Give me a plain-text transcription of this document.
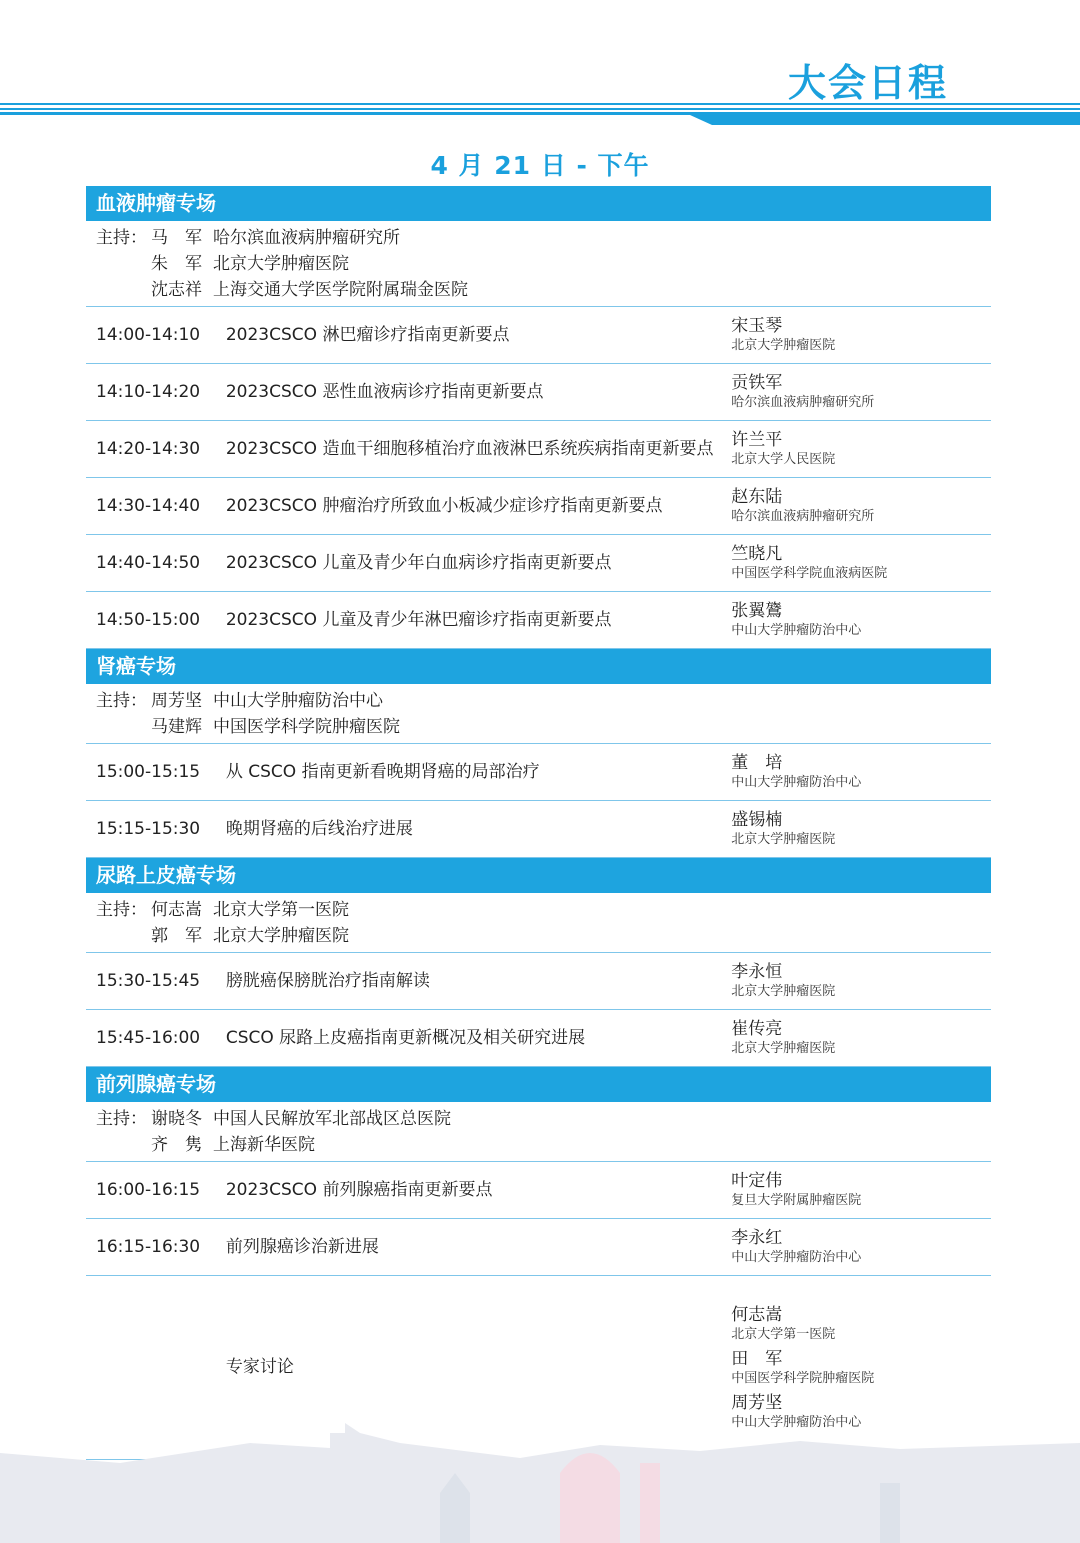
大会日程
4 月 21 日 - 下午
血液肿瘤专场
主持： 马　军 哈尔滨血液病肿瘤研究所
朱　军 北京大学肿瘤医院
沈志祥 上海交通大学医学院附属瑞金医院
14:00-14:10	2023CSCO 淋巴瘤诊疗指南更新要点	宋玉琴
北京大学肿瘤医院
14:10-14:20	2023CSCO 恶性血液病诊疗指南更新要点	贡铁军
哈尔滨血液病肿瘤研究所
14:20-14:30	2023CSCO 造血干细胞移植治疗血液淋巴系统疾病指南更新要点	许兰平
北京大学人民医院
14:30-14:40	2023CSCO 肿瘤治疗所致血小板减少症诊疗指南更新要点	赵东陆
哈尔滨血液病肿瘤研究所
14:40-14:50	2023CSCO 儿童及青少年白血病诊疗指南更新要点	竺晓凡
中国医学科学院血液病医院
14:50-15:00	2023CSCO 儿童及青少年淋巴瘤诊疗指南更新要点	张翼鷟
中山大学肿瘤防治中心
肾癌专场
主持： 周芳坚 中山大学肿瘤防治中心
马建辉 中国医学科学院肿瘤医院
15:00-15:15	从 CSCO 指南更新看晚期肾癌的局部治疗	董　培
中山大学肿瘤防治中心
15:15-15:30	晚期肾癌的后线治疗进展	盛锡楠
北京大学肿瘤医院
尿路上皮癌专场
主持： 何志嵩 北京大学第一医院
郭　军 北京大学肿瘤医院
15:30-15:45	膀胱癌保膀胱治疗指南解读	李永恒
北京大学肿瘤医院
15:45-16:00	CSCO 尿路上皮癌指南更新概况及相关研究进展	崔传亮
北京大学肿瘤医院
前列腺癌专场
主持： 谢晓冬 中国人民解放军北部战区总医院
齐　隽 上海新华医院
16:00-16:15	2023CSCO 前列腺癌指南更新要点	叶定伟
复旦大学附属肿瘤医院
16:15-16:30	前列腺癌诊治新进展	李永红
中山大学肿瘤防治中心
专家讨论
何志嵩
北京大学第一医院
田　军
中国医学科学院肿瘤医院
周芳坚
中山大学肿瘤防治中心
